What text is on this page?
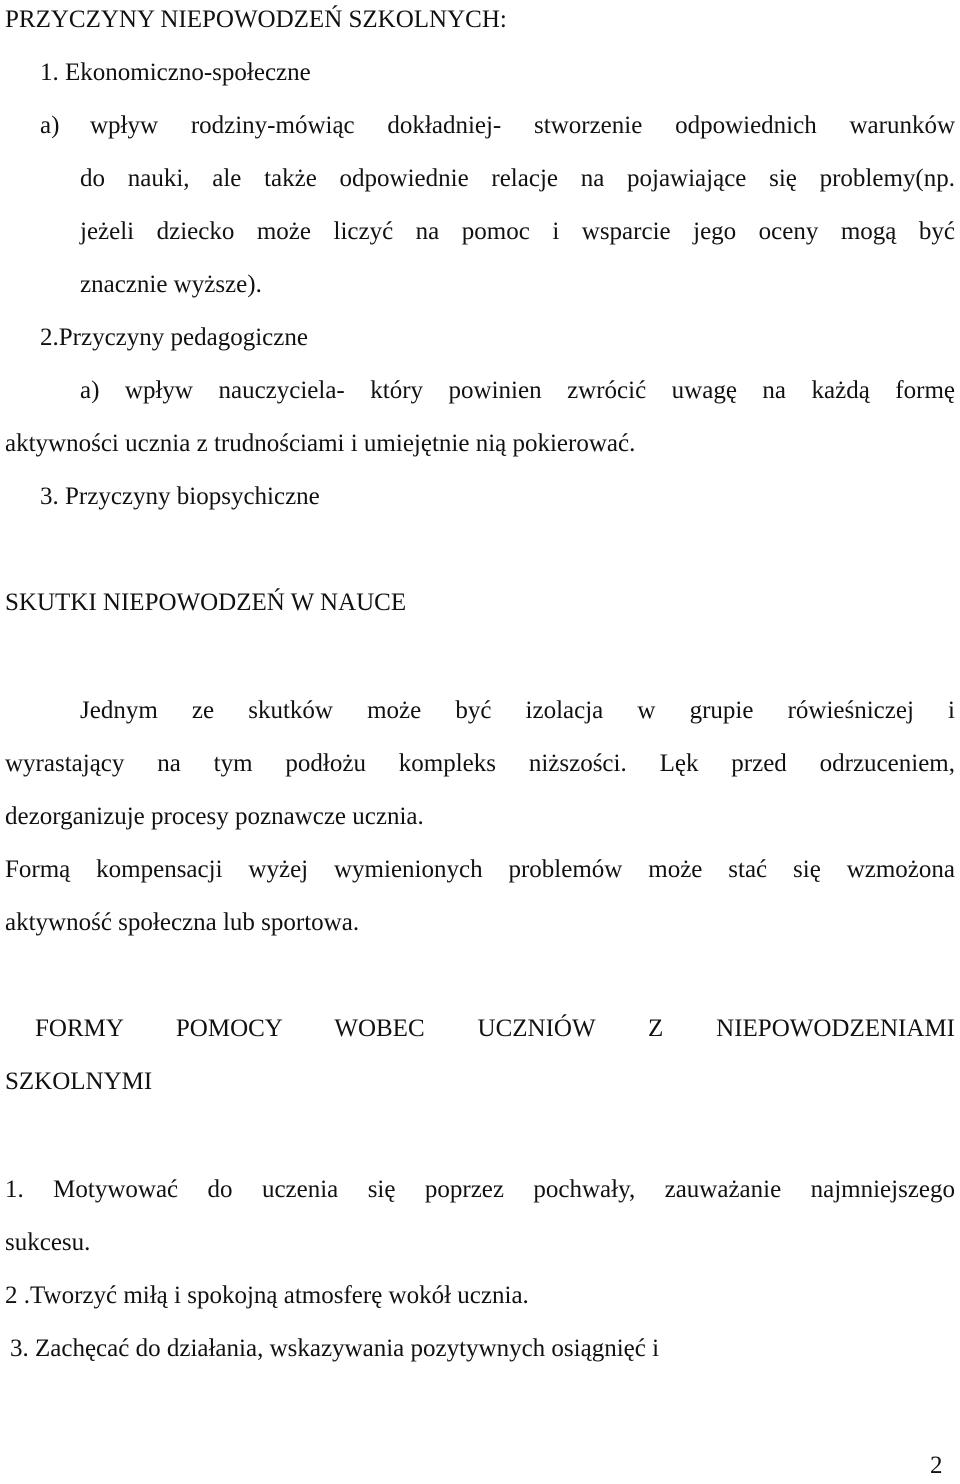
PRZYCZYNY NIEPOWODZEŃ SZKOLNYCH:
1. Ekonomiczno-społeczne
a)	wpływ rodziny-mówiąc dokładniej- stworzenie odpowiednich warunków
do nauki, ale także odpowiednie relacje na pojawiające się problemy(np.
jeżeli dziecko może liczyć na pomoc i wsparcie jego oceny mogą być
znacznie wyższe).
2.Przyczyny pedagogiczne
a) wpływ nauczyciela- który powinien zwrócić uwagę na każdą formę
aktywności ucznia z trudnościami i umiejętnie nią pokierować.
3. Przyczyny biopsychiczne
SKUTKI NIEPOWODZEŃ W NAUCE
Jednym ze skutków może być izolacja w grupie rówieśniczej i
wyrastający na tym podłożu kompleks niższości. Lęk przed odrzuceniem,
dezorganizuje procesy poznawcze ucznia.
Formą kompensacji wyżej wymienionych problemów może stać się wzmożona
aktywność społeczna lub sportowa.
FORMY POMOCY WOBEC UCZNIÓW Z NIEPOWODZENIAMI
SZKOLNYMI
1. Motywować do uczenia się poprzez pochwały, zauważanie najmniejszego
sukcesu.
2 .Tworzyć miłą i spokojną atmosferę wokół ucznia.
3. Zachęcać do działania, wskazywania pozytywnych osiągnięć i
2
